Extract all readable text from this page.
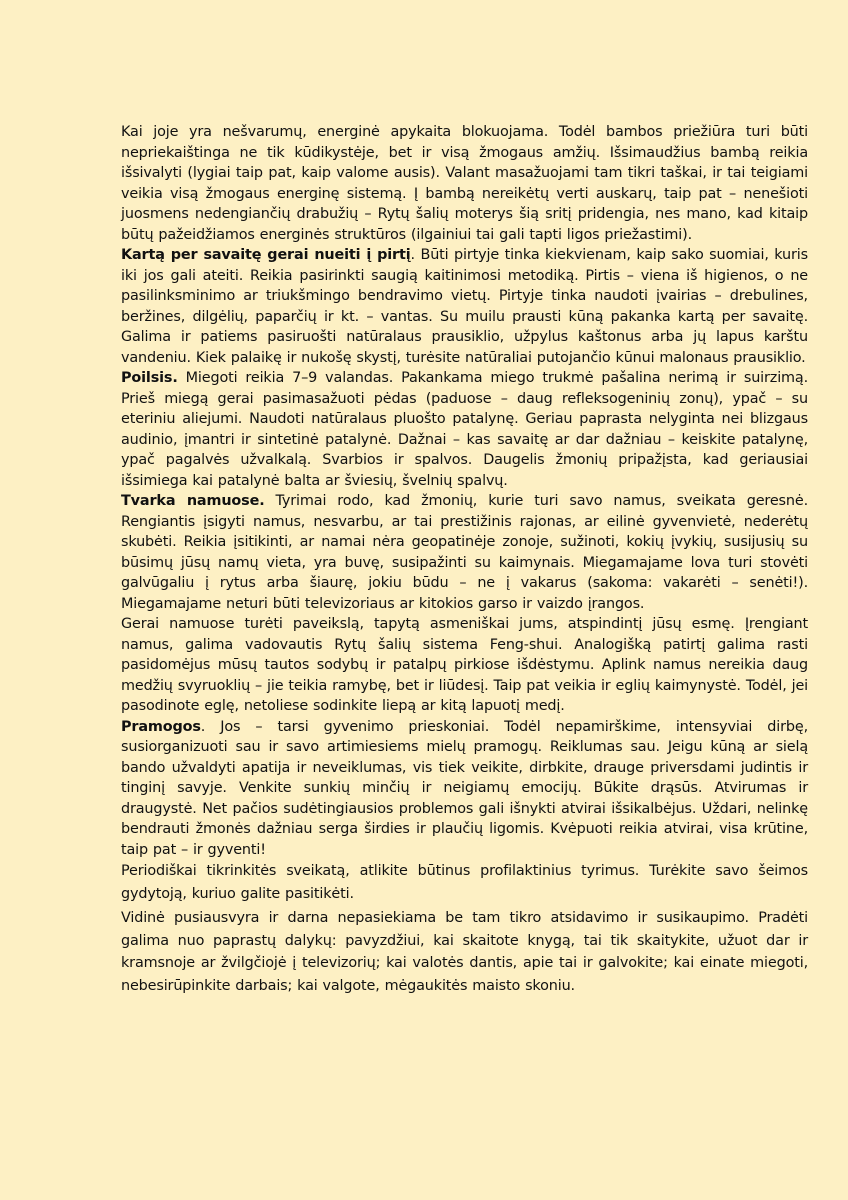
Kai joje yra nešvarumų, energinė apykaita blokuojama. Todėl bambos priežiūra turi būti nepriekaištinga ne tik kūdikystėje, bet ir visą žmogaus amžių. Išsimaudžius bambą reikia išsivalyti (lygiai taip pat, kaip valome ausis). Valant masažuojami tam tikri taškai, ir tai teigiami veikia visą žmogaus energinę sistemą. Į bambą nereikėtų verti auskarų, taip pat – nenešioti juosmens nedengiančių drabužių – Rytų šalių moterys šią sritį pridengia, nes mano, kad kitaip būtų pažeidžiamos energinės struktūros (ilgainiui tai gali tapti ligos priežastimi).

Kartą per savaitę gerai nueiti į pirtį. Būti pirtyje tinka kiekvienam, kaip sako suomiai, kuris iki jos gali ateiti. Reikia pasirinkti saugią kaitinimosi metodiką. Pirtis – viena iš higienos, o ne pasilinksminimo ar triukšmingo bendravimo vietų. Pirtyje tinka naudoti įvairias – drebulines, beržines, dilgėlių, paparčių ir kt. – vantas. Su muilu prausti kūną pakanka kartą per savaitę. Galima ir patiems pasiruošti natūralaus prausiklio, užpylus kaštonus arba jų lapus karštu vandeniu. Kiek palaikę ir nukošę skystį, turėsite natūraliai putojančio kūnui malonaus prausiklio.

Poilsis. Miegoti reikia 7–9 valandas. Pakankama miego trukmė pašalina nerimą ir suirzimą. Prieš miegą gerai pasimasažuoti pėdas (paduose – daug refleksogeninių zonų), ypač – su eteriniu aliejumi. Naudoti natūralaus pluošto patalynę. Geriau paprasta nelyginta nei blizgaus audinio, įmantri ir sintetinė patalynė. Dažnai – kas savaitę ar dar dažniau – keiskite patalynę, ypač pagalvės užvalkalą. Svarbios ir spalvos. Daugelis žmonių pripažįsta, kad geriausiai išsimiega kai patalynė balta ar šviesių, švelnių spalvų.

Tvarka namuose. Tyrimai rodo, kad žmonių, kurie turi savo namus, sveikata geresnė. Rengiantis įsigyti namus, nesvarbu, ar tai prestižinis rajonas, ar eilinė gyvenvietė, nederėtų skubėti. Reikia įsitikinti, ar namai nėra geopatinėje zonoje, sužinoti, kokių įvykių, susijusių su būsimų jūsų namų vieta, yra buvę, susipažinti su kaimynais. Miegamajame lova turi stovėti galvūgaliu į rytus arba šiaurę, jokiu būdu – ne į vakarus (sakoma: vakarėti – senėti!). Miegamajame neturi būti televizoriaus ar kitokios garso ir vaizdo įrangos.

Gerai namuose turėti paveikslą, tapytą asmeniškai jums, atspindintį jūsų esmę. Įrengiant namus, galima vadovautis Rytų šalių sistema Feng-shui. Analogišką patirtį galima rasti pasidomėjus mūsų tautos sodybų ir patalpų pirkiose išdėstymu. Aplink namus nereikia daug medžių svyruoklių – jie teikia ramybę, bet ir liūdesį. Taip pat veikia ir eglių kaimynystė. Todėl, jei pasodinote eglę, netoliese sodinkite liepą ar kitą lapuotį medį.

Pramogos. Jos – tarsi gyvenimo prieskoniai. Todėl nepamirškime, intensyviai dirbę, susiorganizuoti sau ir savo artimiesiems mielų pramogų. Reiklumas sau. Jeigu kūną ar sielą bando užvaldyti apatija ir neveiklumas, vis tiek veikite, dirbkite, drauge priversdami judintis ir tinginį savyje. Venkite sunkių minčių ir neigiamų emocijų. Būkite drąsūs. Atvirumas ir draugystė. Net pačios sudėtingiausios problemos gali išnykti atvirai išsikalbėjus. Uždari, nelinkę bendrauti žmonės dažniau serga širdies ir plaučių ligomis. Kvėpuoti reikia atvirai, visa krūtine, taip pat – ir gyventi!

Periodiškai tikrinkitės sveikatą, atlikite būtinus profilaktinius tyrimus. Turėkite savo šeimos gydytoją, kuriuo galite pasitikėti.

Vidinė pusiausvyra ir darna nepasiekiama be tam tikro atsidavimo ir susikaupimo. Pradėti galima nuo paprastų dalykų: pavyzdžiui, kai skaitote knygą, tai tik skaitykite, užuot dar ir kramsnoje ar žvilgčiojė į televizorių; kai valotės dantis, apie tai ir galvokite; kai einate miegoti, nebesirūpinkite darbais; kai valgote, mėgaukitės maisto skoniu.
